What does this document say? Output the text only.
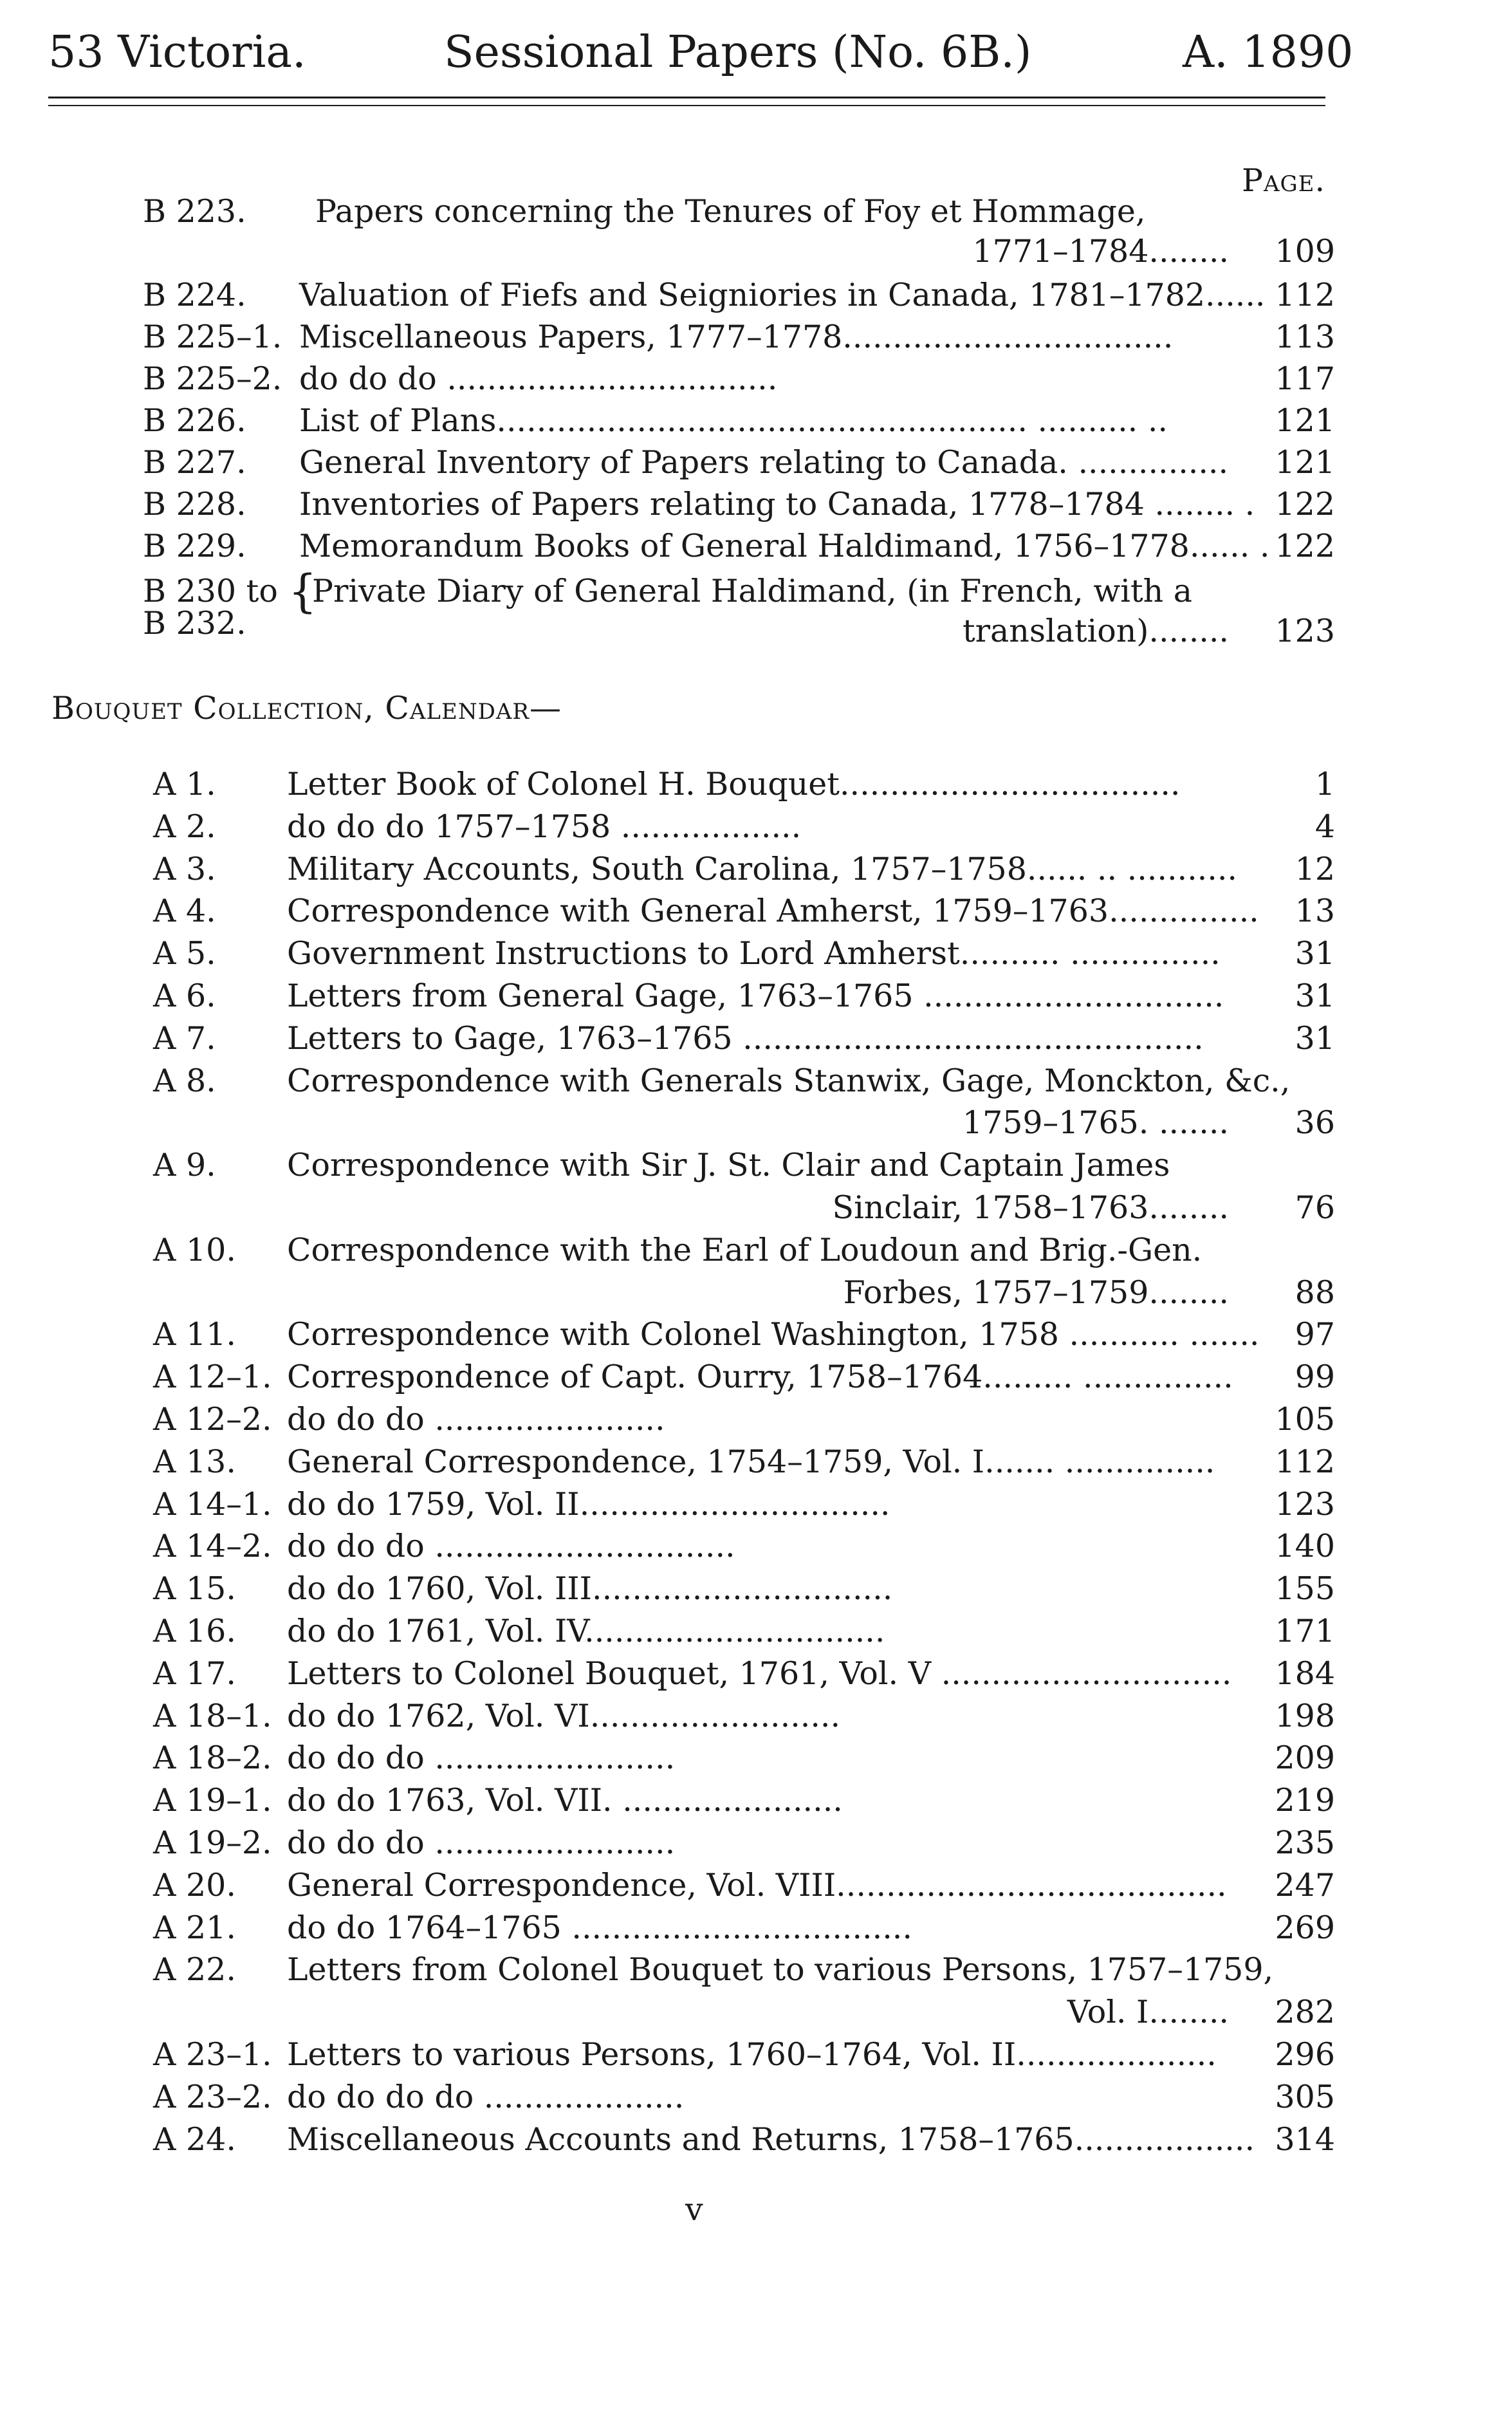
53 Victoria.	Sessional Papers (No. 6B.)	A. 1890
Page.
B 223. Papers concerning the Tenures of Foy et Hommage,
1771–1784........	109
B 224. Valuation of Fiefs and Seigniories in Canada, 1781–1782...... 112
B 225–1. Miscellaneous Papers, 1777–1778.................................	113
B 225–2. do do do .................................	117
B 226. List of Plans..................................................... .......... ..	121
B 227. General Inventory of Papers relating to Canada. ...............	121
B 228. Inventories of Papers relating to Canada, 1778–1784 ........ . 122
B 229. Memorandum Books of General Haldimand, 1756–1778...... . 122
B 230 to
B 232.
{
Private Diary of General Haldimand, (in French, with a
translation)........	123
Bouquet Collection, Calendar—
A 1. Letter Book of Colonel H. Bouquet..................................	1
A 2. do do do 1757–1758 ..................	4
A 3. Military Accounts, South Carolina, 1757–1758...... .. ...........	12
A 4. Correspondence with General Amherst, 1759–1763...............	13
A 5. Government Instructions to Lord Amherst.......... ...............	31
A 6. Letters from General Gage, 1763–1765 ..............................	31
A 7. Letters to Gage, 1763–1765 ..............................................	31
A 8. Correspondence with Generals Stanwix, Gage, Monckton, &c.,
1759–1765. .......	36
A 9. Correspondence with Sir J. St. Clair and Captain James
Sinclair, 1758–1763........	76
A 10. Correspondence with the Earl of Loudoun and Brig.-Gen.
Forbes, 1757–1759........	88
A 11. Correspondence with Colonel Washington, 1758 ........... .......	97
A 12–1. Correspondence of Capt. Ourry, 1758–1764......... ...............	99
A 12–2. do do do .......................	105
A 13. General Correspondence, 1754–1759, Vol. I....... ...............	112
A 14–1. do do 1759, Vol. II...............................	123
A 14–2. do do do ..............................	140
A 15. do do 1760, Vol. III..............................	155
A 16. do do 1761, Vol. IV..............................	171
A 17. Letters to Colonel Bouquet, 1761, Vol. V .............................	184
A 18–1. do do 1762, Vol. VI.........................	198
A 18–2. do do do ........................	209
A 19–1. do do 1763, Vol. VII. ......................	219
A 19–2. do do do ........................	235
A 20. General Correspondence, Vol. VIII.......................................	247
A 21. do do 1764–1765 ..................................	269
A 22. Letters from Colonel Bouquet to various Persons, 1757–1759,
Vol. I........	282
A 23–1. Letters to various Persons, 1760–1764, Vol. II....................	296
A 23–2. do do do do ....................	305
A 24. Miscellaneous Accounts and Returns, 1758–1765.................. 314
v
